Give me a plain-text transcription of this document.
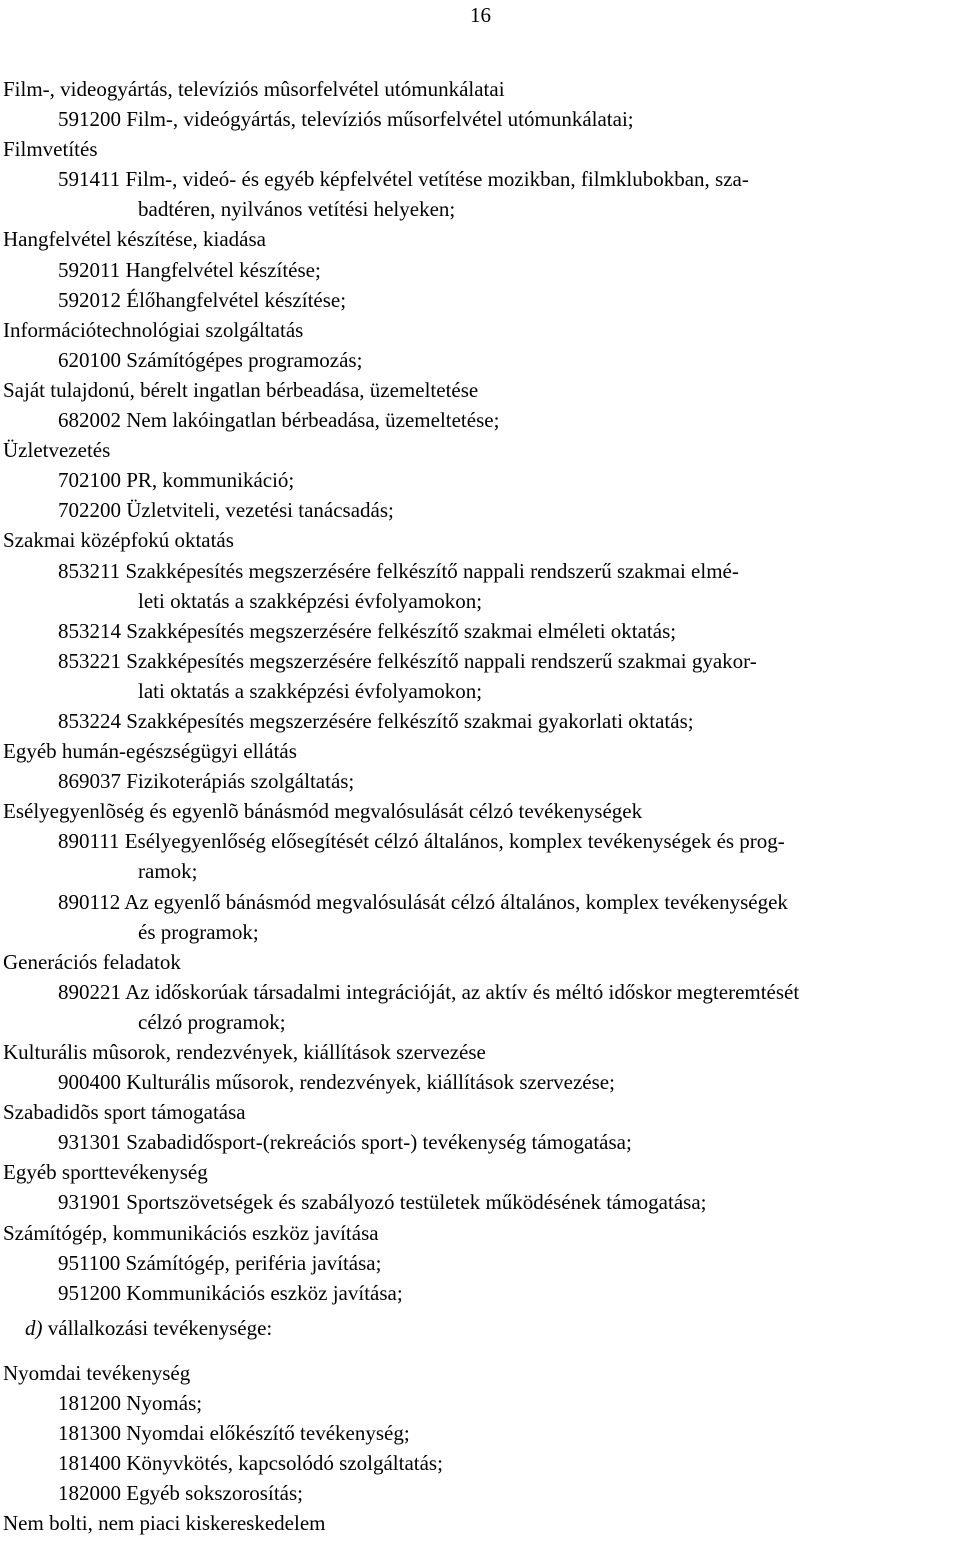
16
Film-, videogyártás, televíziós mûsorfelvétel utómunkálatai
591200 Film-, videógyártás, televíziós műsorfelvétel utómunkálatai;
Filmvetítés
591411 Film-, videó- és egyéb képfelvétel vetítése mozikban, filmklubokban, sza-
badtéren, nyilvános vetítési helyeken;
Hangfelvétel készítése, kiadása
592011 Hangfelvétel készítése;
592012 Élőhangfelvétel készítése;
Információtechnológiai szolgáltatás
620100 Számítógépes programozás;
Saját tulajdonú, bérelt ingatlan bérbeadása, üzemeltetése
682002 Nem lakóingatlan bérbeadása, üzemeltetése;
Üzletvezetés
702100 PR, kommunikáció;
702200 Üzletviteli, vezetési tanácsadás;
Szakmai középfokú oktatás
853211 Szakképesítés megszerzésére felkészítő nappali rendszerű szakmai elmé-
leti oktatás a szakképzési évfolyamokon;
853214 Szakképesítés megszerzésére felkészítő szakmai elméleti oktatás;
853221 Szakképesítés megszerzésére felkészítő nappali rendszerű szakmai gyakor-
lati oktatás a szakképzési évfolyamokon;
853224 Szakképesítés megszerzésére felkészítő szakmai gyakorlati oktatás;
Egyéb humán-egészségügyi ellátás
869037 Fizikoterápiás szolgáltatás;
Esélyegyenlõség és egyenlõ bánásmód megvalósulását célzó tevékenységek
890111 Esélyegyenlőség elősegítését célzó általános, komplex tevékenységek és prog-
ramok;
890112 Az egyenlő bánásmód megvalósulását célzó általános, komplex tevékenységek
és programok;
Generációs feladatok
890221 Az időskorúak társadalmi integrációját, az aktív és méltó időskor megteremtését
célzó programok;
Kulturális mûsorok, rendezvények, kiállítások szervezése
900400 Kulturális műsorok, rendezvények, kiállítások szervezése;
Szabadidõs sport támogatása
931301 Szabadidősport-(rekreációs sport-) tevékenység támogatása;
Egyéb sporttevékenység
931901 Sportszövetségek és szabályozó testületek működésének támogatása;
Számítógép, kommunikációs eszköz javítása
951100 Számítógép, periféria javítása;
951200 Kommunikációs eszköz javítása;
d) vállalkozási tevékenysége:
Nyomdai tevékenység
181200 Nyomás;
181300 Nyomdai előkészítő tevékenység;
181400 Könyvkötés, kapcsolódó szolgáltatás;
182000 Egyéb sokszorosítás;
Nem bolti, nem piaci kiskereskedelem
